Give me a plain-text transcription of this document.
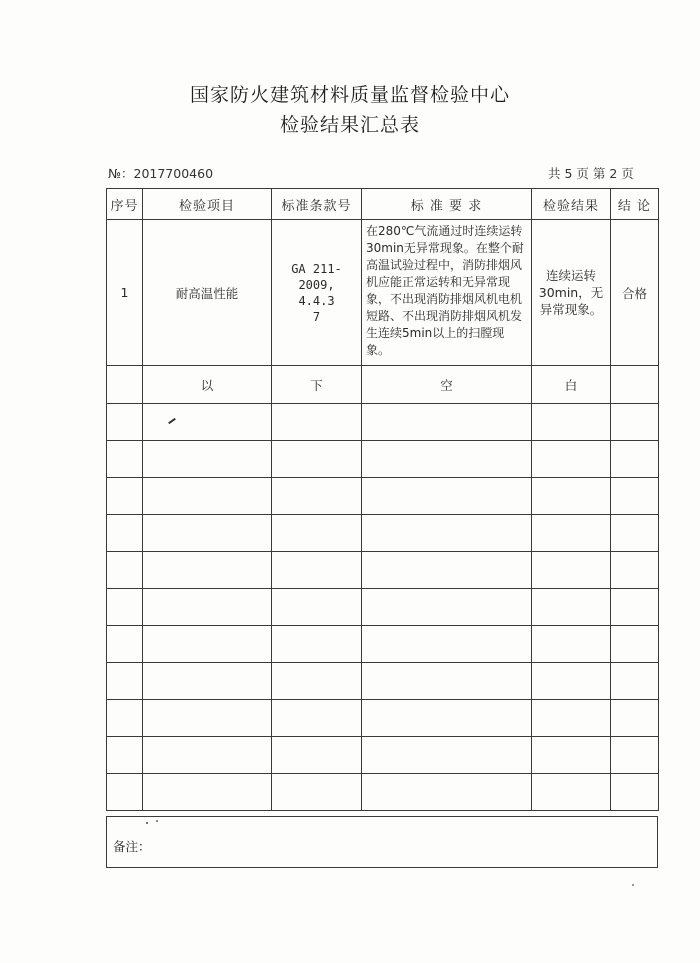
国家防火建筑材料质量监督检验中心
检验结果汇总表
№：2017700460	共 5 页 第 2 页
序号	检验项目	标准条款号	标 准 要 求	检验结果	结 论
1	耐高温性能	GA 211-
2009,
4.4.3
7	在280℃气流通过时连续运转30min无异常现象。在整个耐高温试验过程中，消防排烟风机应能正常运转和无异常现象，不出现消防排烟风机电机短路、不出现消防排烟风机发生连续5min以上的扫膛现象。	连续运转30min，无异常现象。	合格
	以	下	空	白	

备注：
